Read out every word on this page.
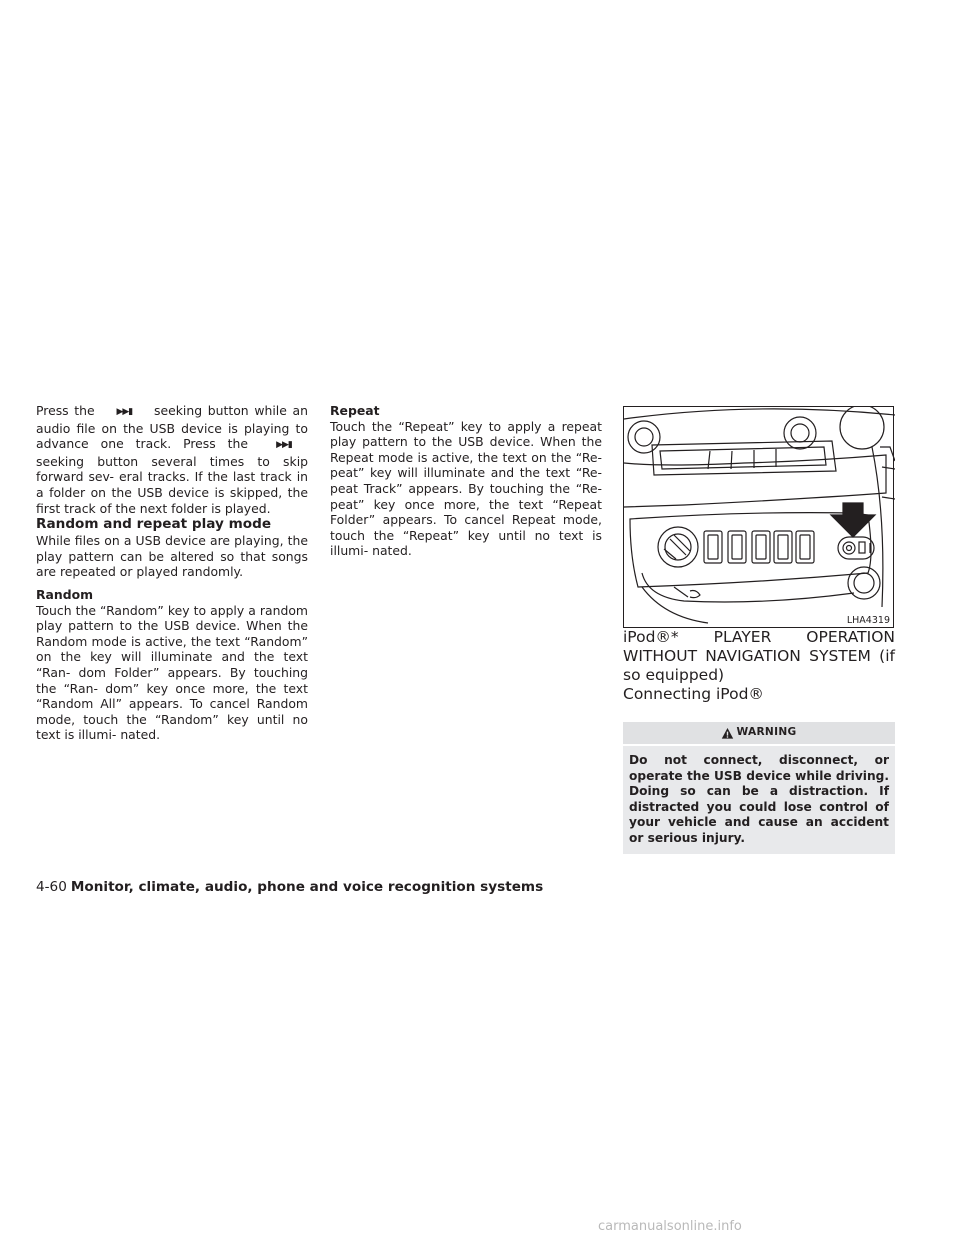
Press the ▶▶▮ seeking button while an audio file on the USB device is playing to advance one track. Press the	▶▶▮ seeking button several times to skip forward sev- eral tracks. If the last track in a folder on the USB device is skipped, the first track of the next folder is played.

Random and repeat play mode

While files on a USB device are playing, the play pattern can be altered so that songs are repeated or played randomly.

Random

Touch the “Random” key to apply a random play pattern to the USB device. When the Random mode is active, the text “Random” on the key will illuminate and the text “Ran- dom Folder” appears. By touching the “Ran- dom” key once more, the text “Random All” appears. To cancel Random mode, touch the “Random” key until no text is illumi- nated.

Repeat

Touch the “Repeat” key to apply a repeat play pattern to the USB device. When the Repeat mode is active, the text on the “Re- peat” key will illuminate and the text “Re- peat Track” appears. By touching the “Re- peat” key once more, the text “Repeat Folder” appears. To cancel Repeat mode, touch the “Repeat” key until no text is illumi- nated.

LHA4319

iPod®* PLAYER OPERATION WITHOUT NAVIGATION SYSTEM (if so equipped)

Connecting iPod®

WARNING
Do not connect, disconnect, or operate the USB device while driving. Doing so can be a distraction. If distracted you could lose control of your vehicle and cause an accident or serious injury.
4-60 Monitor, climate, audio, phone and voice recognition systems
carmanualsonline.info
